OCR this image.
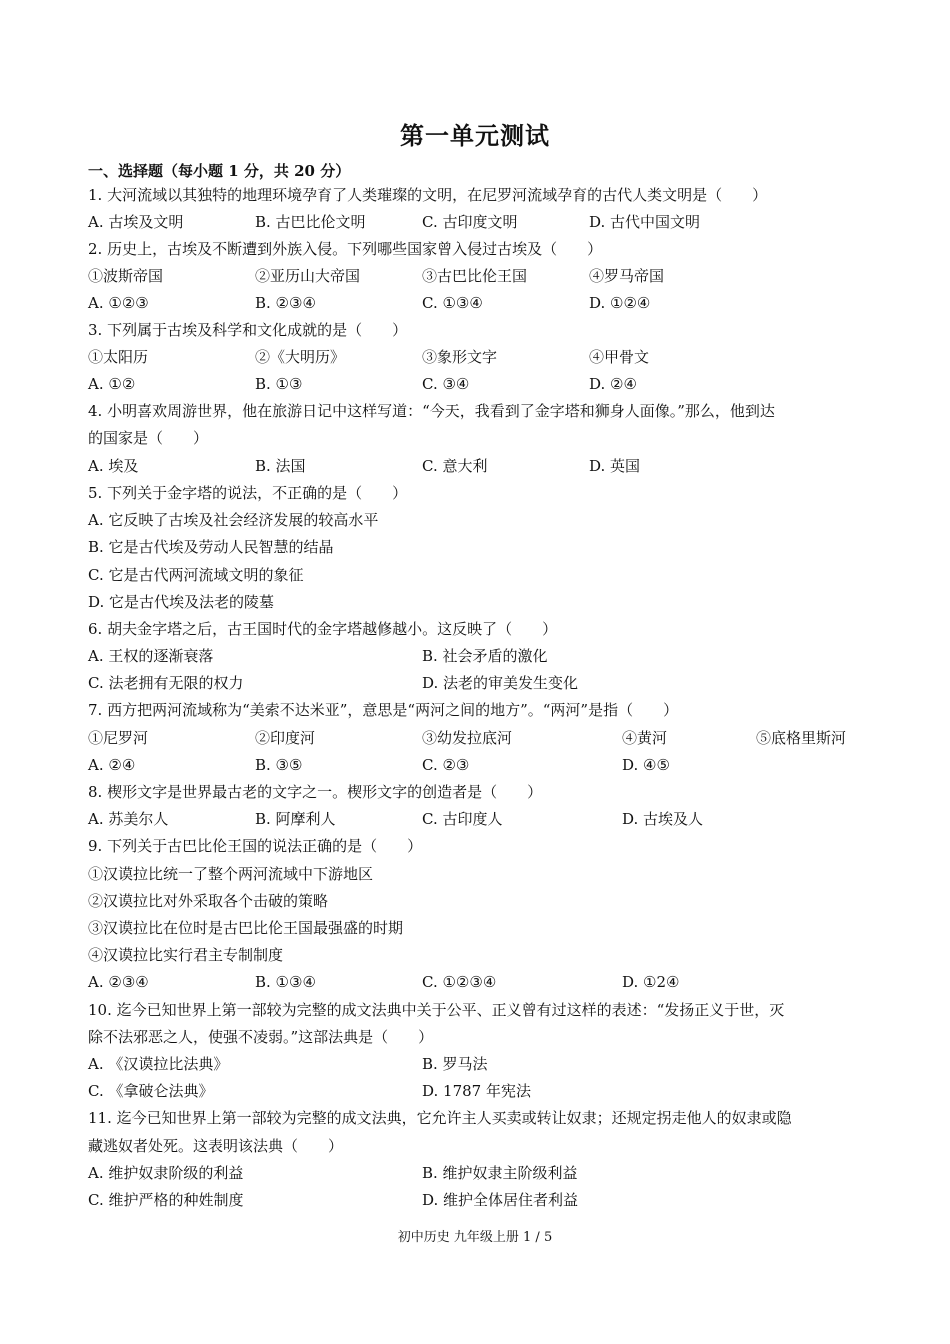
第一单元测试
一、选择题（每小题 1 分，共 20 分）
1. 大河流域以其独特的地理环境孕育了人类璀璨的文明，在尼罗河流域孕育的古代人类文明是（　　）
A. 古埃及文明	B. 古巴比伦文明	C. 古印度文明	D. 古代中国文明
2. 历史上，古埃及不断遭到外族入侵。下列哪些国家曾入侵过古埃及（　　）
①波斯帝国	②亚历山大帝国	③古巴比伦王国	④罗马帝国
A. ①②③	B. ②③④	C. ①③④	D. ①②④
3. 下列属于古埃及科学和文化成就的是（　　）
①太阳历	②《大明历》	③象形文字	④甲骨文
A. ①②	B. ①③	C. ③④	D. ②④
4. 小明喜欢周游世界，他在旅游日记中这样写道：“今天，我看到了金字塔和狮身人面像。”那么，他到达
的国家是（　　）
A. 埃及	B. 法国	C. 意大利	D. 英国
5. 下列关于金字塔的说法，不正确的是（　　）
A. 它反映了古埃及社会经济发展的较高水平
B. 它是古代埃及劳动人民智慧的结晶
C. 它是古代两河流域文明的象征
D. 它是古代埃及法老的陵墓
6. 胡夫金字塔之后，古王国时代的金字塔越修越小。这反映了（　　）
A. 王权的逐渐衰落	B. 社会矛盾的激化
C. 法老拥有无限的权力	D. 法老的审美发生变化
7. 西方把两河流域称为“美索不达米亚”，意思是“两河之间的地方”。“两河”是指（　　）
①尼罗河	②印度河	③幼发拉底河	④黄河	⑤底格里斯河
A. ②④	B. ③⑤	C. ②③	D. ④⑤
8. 楔形文字是世界最古老的文字之一。楔形文字的创造者是（　　）
A. 苏美尔人	B. 阿摩利人	C. 古印度人	D. 古埃及人
9. 下列关于古巴比伦王国的说法正确的是（　　）
①汉谟拉比统一了整个两河流域中下游地区
②汉谟拉比对外采取各个击破的策略
③汉谟拉比在位时是古巴比伦王国最强盛的时期
④汉谟拉比实行君主专制制度
A. ②③④	B. ①③④	C. ①②③④	D. ①2④
10. 迄今已知世界上第一部较为完整的成文法典中关于公平、正义曾有过这样的表述：“发扬正义于世，灭
除不法邪恶之人，使强不凌弱。”这部法典是（　　）
A. 《汉谟拉比法典》	B. 罗马法
C. 《拿破仑法典》	D. 1787 年宪法
11. 迄今已知世界上第一部较为完整的成文法典，它允许主人买卖或转让奴隶；还规定拐走他人的奴隶或隐
藏逃奴者处死。这表明该法典（　　）
A. 维护奴隶阶级的利益	B. 维护奴隶主阶级利益
C. 维护严格的种姓制度	D. 维护全体居住者利益
初中历史 九年级上册 1 / 5
